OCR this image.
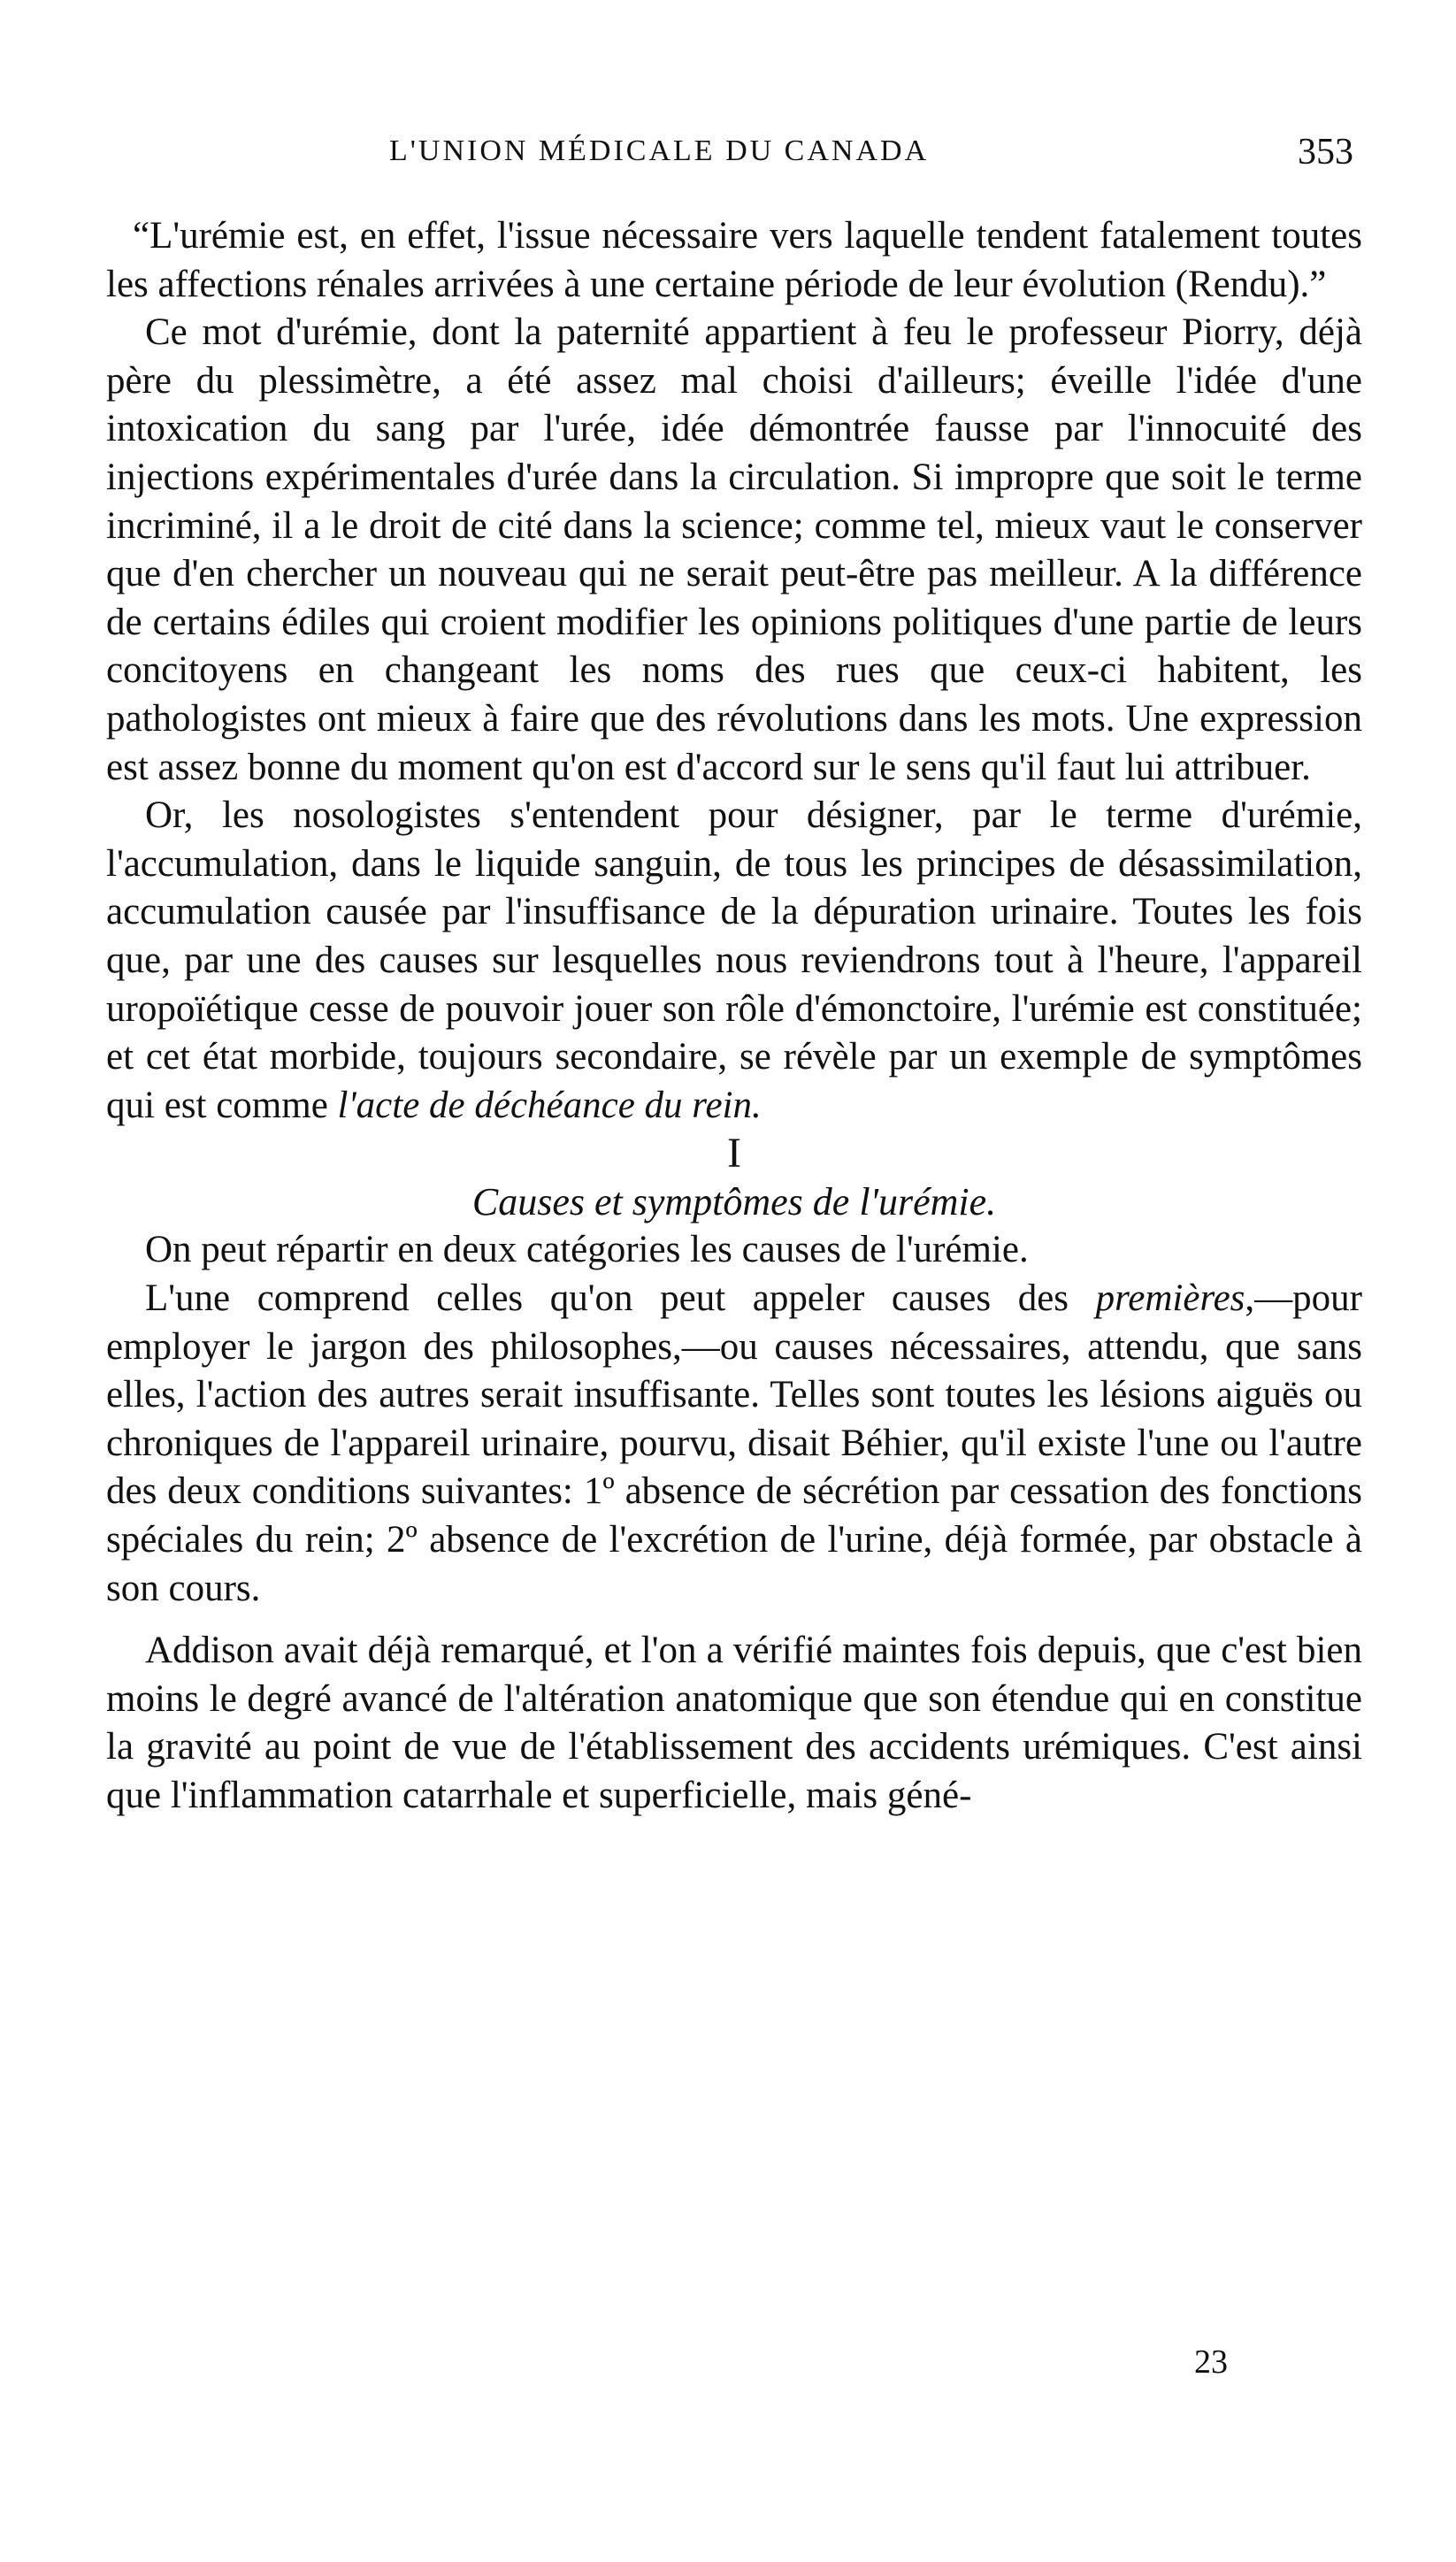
L'UNION MÉDICALE DU CANADA	353

“L'urémie est, en effet, l'issue nécessaire vers laquelle tendent fatalement toutes les affections rénales arrivées à une certaine période de leur évolution (Rendu).”

Ce mot d'urémie, dont la paternité appartient à feu le professeur Piorry, déjà père du plessimètre, a été assez mal choisi d'ailleurs; éveille l'idée d'une intoxication du sang par l'urée, idée démontrée fausse par l'innocuité des injections expérimentales d'urée dans la circulation. Si impropre que soit le terme incriminé, il a le droit de cité dans la science; comme tel, mieux vaut le conserver que d'en chercher un nouveau qui ne serait peut-être pas meilleur. A la différence de certains édiles qui croient modifier les opinions politiques d'une partie de leurs concitoyens en changeant les noms des rues que ceux-ci habitent, les pathologistes ont mieux à faire que des révolutions dans les mots. Une expression est assez bonne du moment qu'on est d'accord sur le sens qu'il faut lui attribuer.

Or, les nosologistes s'entendent pour désigner, par le terme d'urémie, l'accumulation, dans le liquide sanguin, de tous les principes de désassimilation, accumulation causée par l'insuffisance de la dépuration urinaire. Toutes les fois que, par une des causes sur lesquelles nous reviendrons tout à l'heure, l'appareil uropoïétique cesse de pouvoir jouer son rôle d'émonctoire, l'urémie est constituée; et cet état morbide, toujours secondaire, se révèle par un exemple de symptômes qui est comme l'acte de déchéance du rein.

I

Causes et symptômes de l'urémie.

On peut répartir en deux catégories les causes de l'urémie.

L'une comprend celles qu'on peut appeler causes des premières,—pour employer le jargon des philosophes,—ou causes nécessaires, attendu, que sans elles, l'action des autres serait insuffisante. Telles sont toutes les lésions aiguës ou chroniques de l'appareil urinaire, pourvu, disait Béhier, qu'il existe l'une ou l'autre des deux conditions suivantes: 1º absence de sécrétion par cessation des fonctions spéciales du rein; 2º absence de l'excrétion de l'urine, déjà formée, par obstacle à son cours.

Addison avait déjà remarqué, et l'on a vérifié maintes fois depuis, que c'est bien moins le degré avancé de l'altération anatomique que son étendue qui en constitue la gravité au point de vue de l'établissement des accidents urémiques. C'est ainsi que l'inflammation catarrhale et superficielle, mais géné-

23
